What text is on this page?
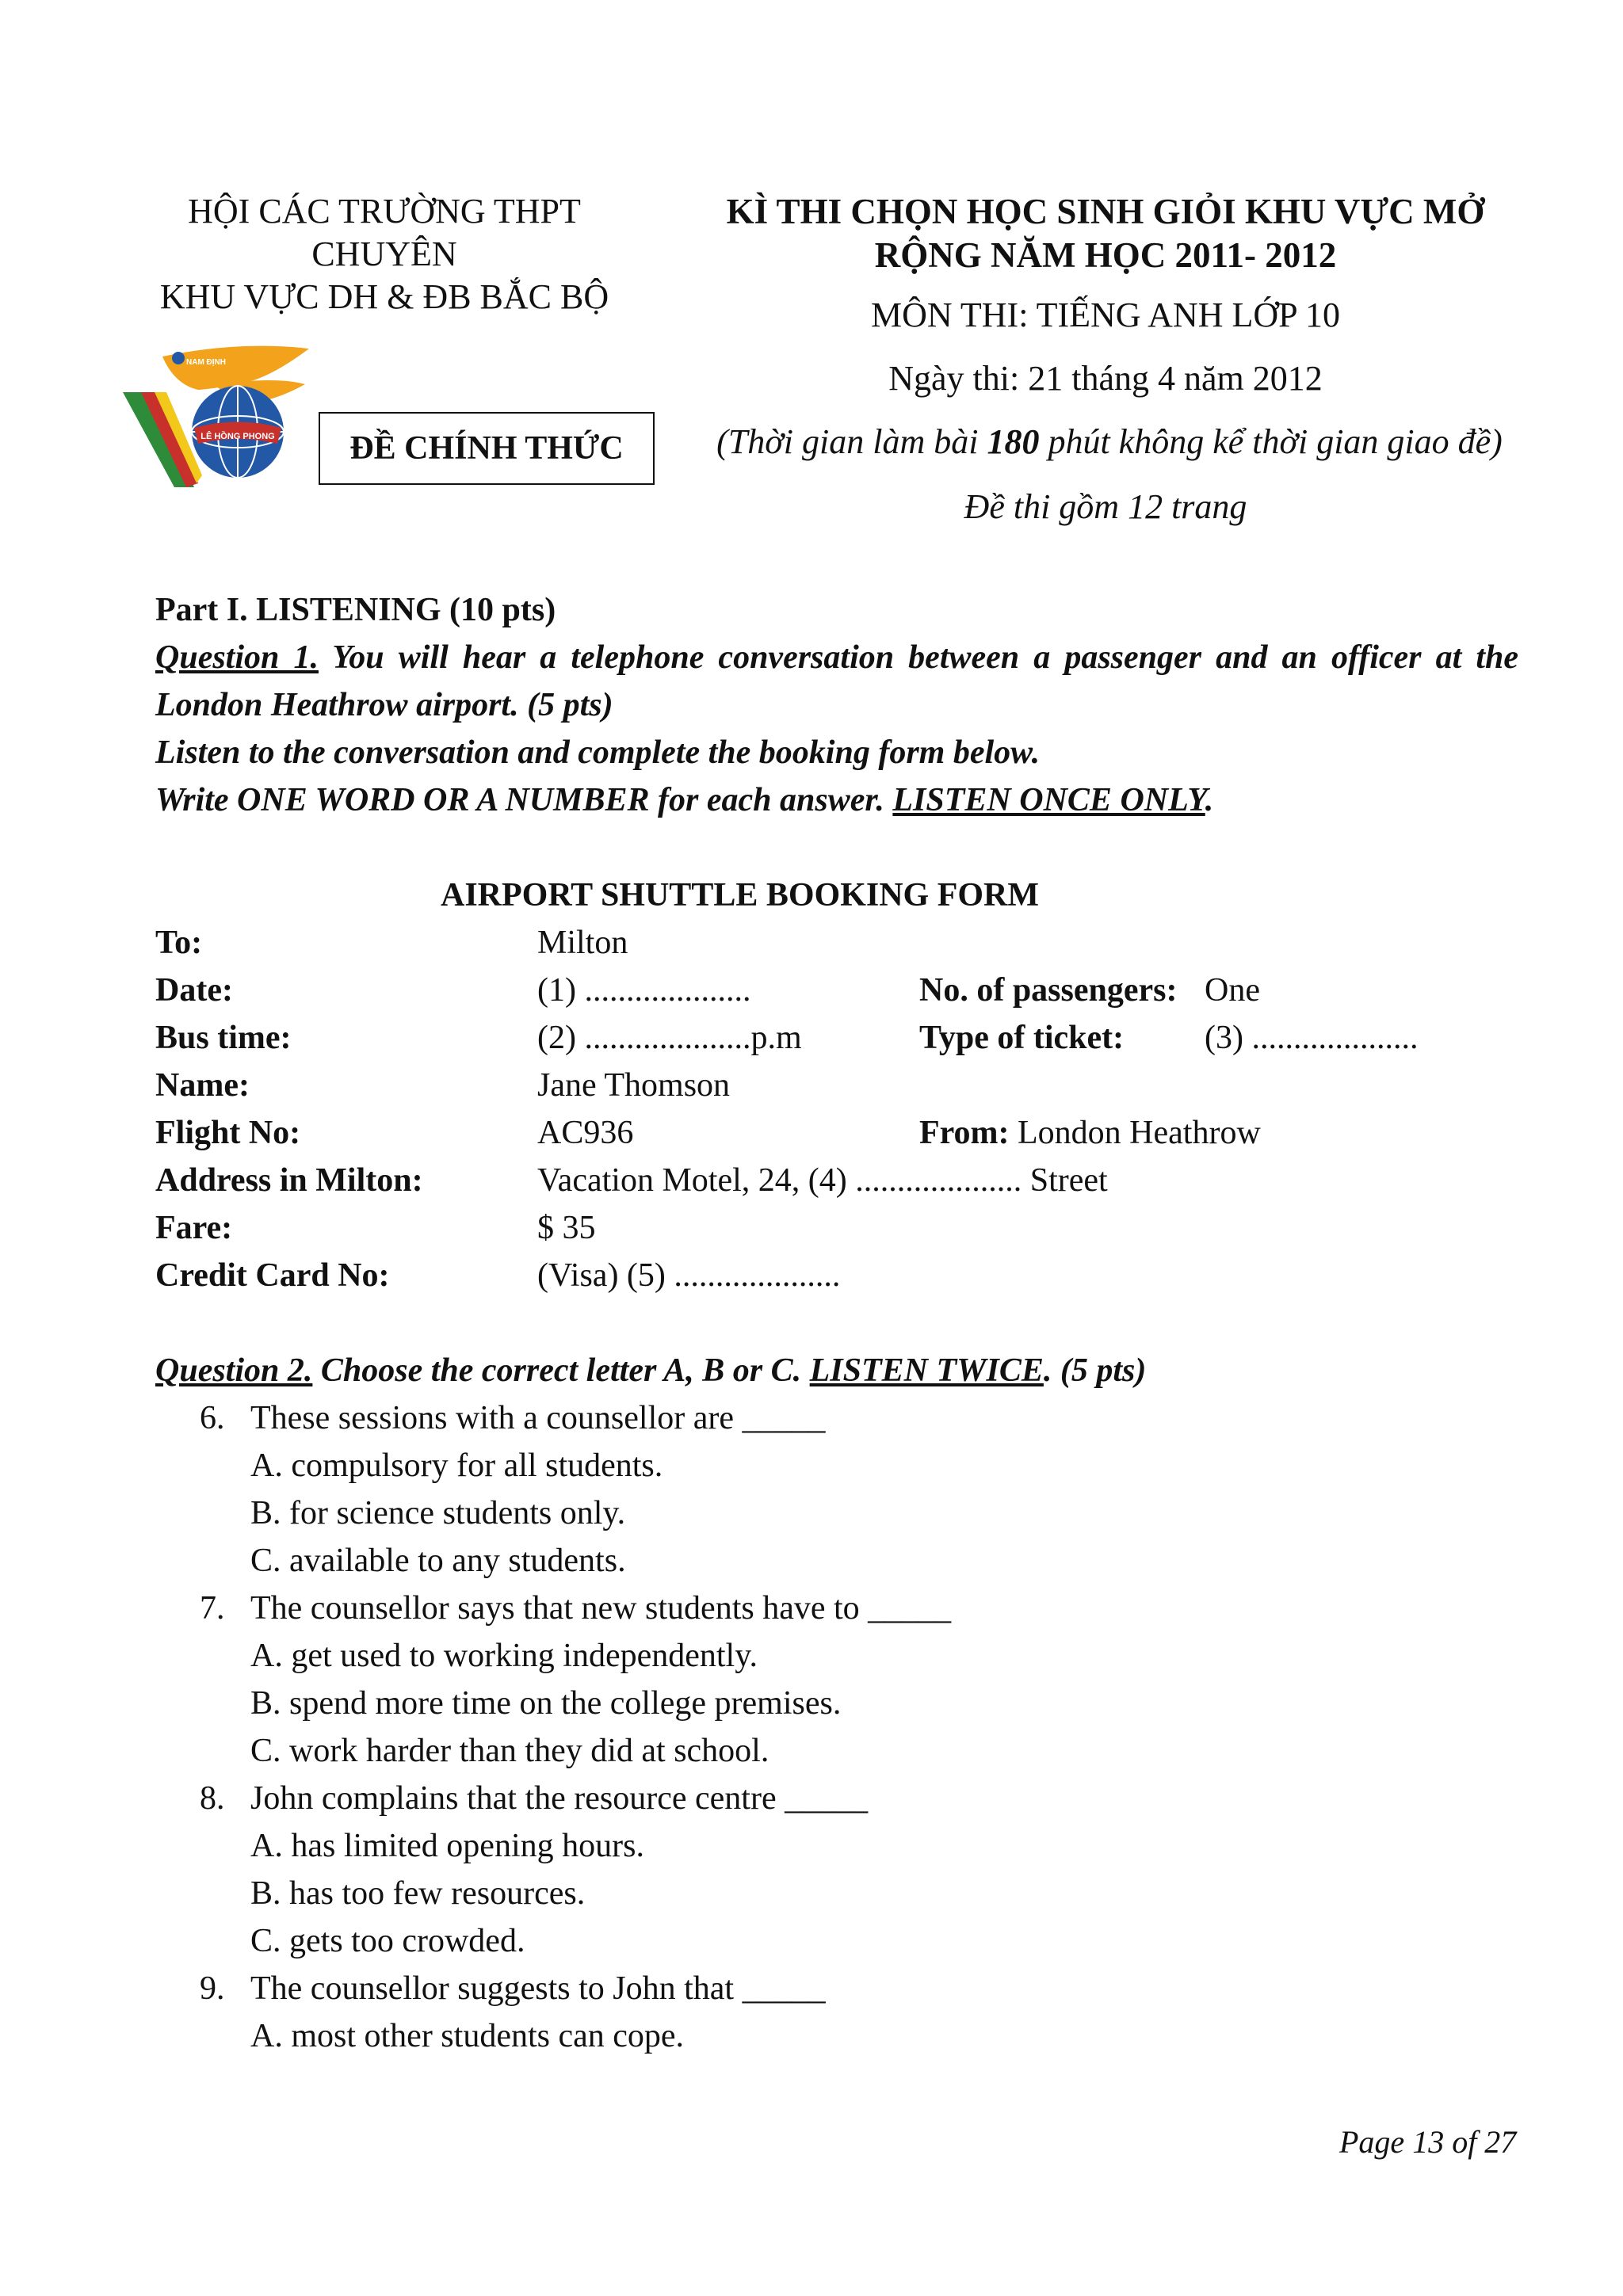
HỘI CÁC TRƯỜNG THPT
CHUYÊN
KHU VỰC DH & ĐB BẮC BỘ
LÊ HỒNG PHONG
NAM ĐỊNH
ĐỀ CHÍNH THỨC
KÌ THI CHỌN HỌC SINH GIỎI KHU VỰC MỞ
RỘNG NĂM HỌC 2011- 2012
MÔN THI: TIẾNG ANH LỚP 10
Ngày thi: 21 tháng 4 năm 2012
(Thời gian làm bài 180 phút không kể thời gian giao đề)
Đề thi gồm 12 trang
Part I. LISTENING (10 pts)
Question 1. You will hear a telephone conversation between a passenger and an officer at the
London Heathrow airport. (5 pts)
Listen to the conversation and complete the booking form below.
Write ONE WORD OR A NUMBER for each answer. LISTEN ONCE ONLY.
AIRPORT SHUTTLE BOOKING FORM
To:	Milton
Date:	(1) ....................	No. of passengers: One
Bus time:	(2) ....................p.m	Type of ticket: (3) ....................
Name:	Jane Thomson
Flight No:	AC936	From: London Heathrow
Address in Milton:	Vacation Motel, 24, (4) .................... Street
Fare:	$ 35
Credit Card No:	(Visa) (5) ....................
Question 2. Choose the correct letter A, B or C. LISTEN TWICE. (5 pts)
6. These sessions with a counsellor are _____
A. compulsory for all students.
B. for science students only.
C. available to any students.
7. The counsellor says that new students have to _____
A. get used to working independently.
B. spend more time on the college premises.
C. work harder than they did at school.
8. John complains that the resource centre _____
A. has limited opening hours.
B. has too few resources.
C. gets too crowded.
9. The counsellor suggests to John that _____
A. most other students can cope.
Page 13 of 27
